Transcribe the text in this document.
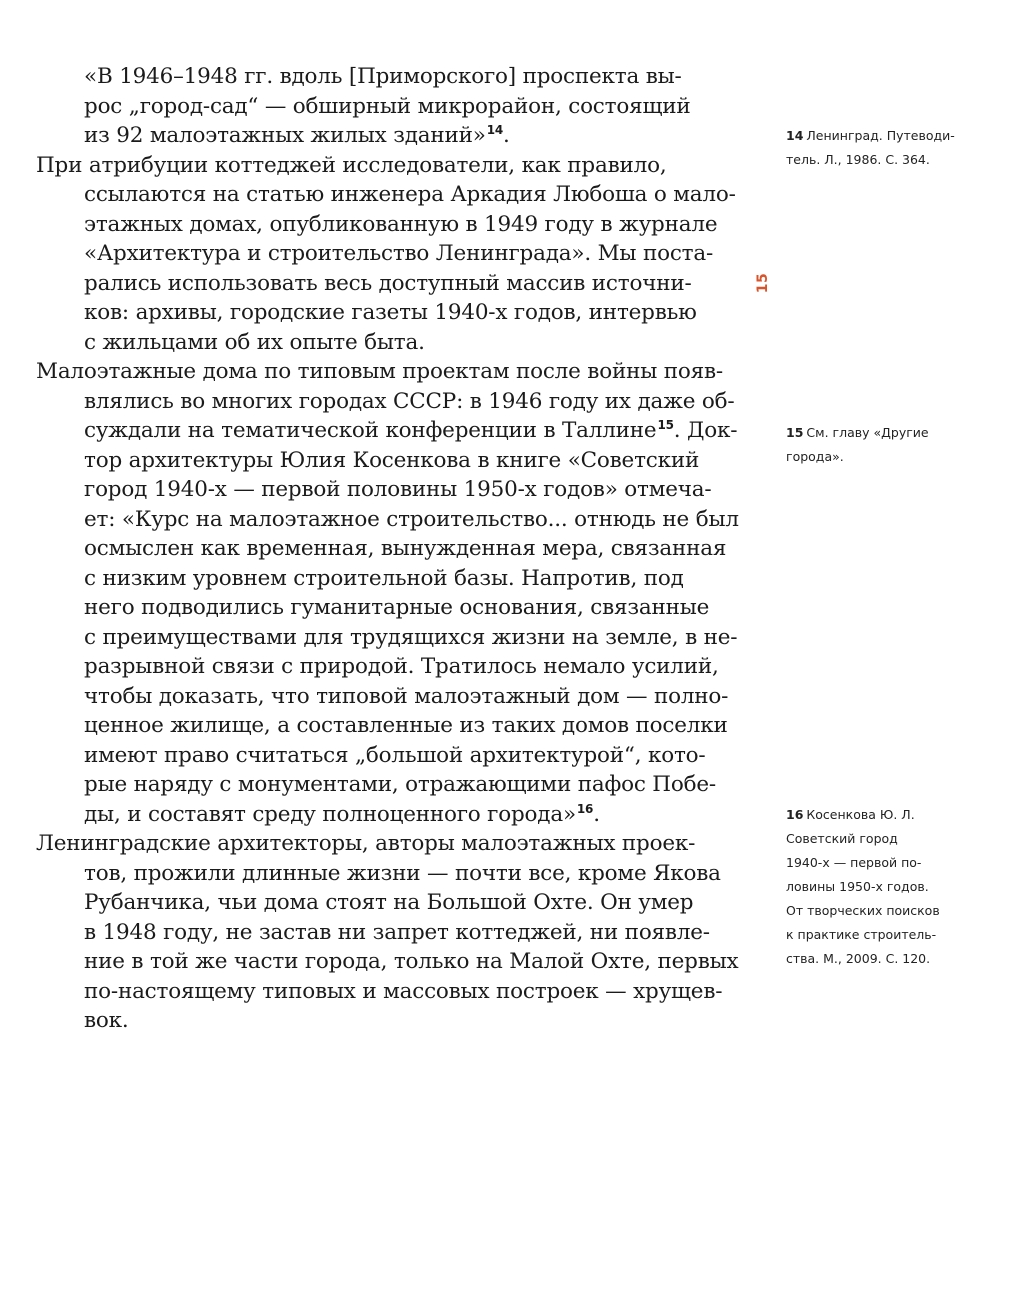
15
«В 1946–1948 гг. вдоль [Приморского] проспекта вы-
рос „город-сад“ — обширный микрорайон, состоящий
из 92 малоэтажных жилых зданий»$^{14}$.
При атрибуции коттеджей исследователи, как правило,
ссылаются на статью инженера Аркадия Любоша о мало-
этажных домах, опубликованную в 1949 году в журнале
«Архитектура и строительство Ленинграда». Мы поста-
рались использовать весь доступный массив источни-
ков: архивы, городские газеты 1940-х годов, интервью
с жильцами об их опыте быта.
Малоэтажные дома по типовым проектам после войны появ-
влялись во многих городах СССР: в 1946 году их даже об-
суждали на тематической конференции в Таллине$^{15}$. Док-
тор архитектуры Юлия Косенкова в книге «Советский
город 1940-х — первой половины 1950-х годов» отмеча-
ет: «Курс на малоэтажное строительство... отнюдь не был
осмыслен как временная, вынужденная мера, связанная
с низким уровнем строительной базы. Напротив, под
него подводились гуманитарные основания, связанные
с преимуществами для трудящихся жизни на земле, в не-
разрывной связи с природой. Тратилось немало усилий,
чтобы доказать, что типовой малоэтажный дом — полно-
ценное жилище, а составленные из таких домов поселки
имеют право считаться „большой архитектурой“, кото-
рые наряду с монументами, отражающими пафос Побе-
ды, и составят среду полноценного города»$^{16}$.
Ленинградские архитекторы, авторы малоэтажных проек-
тов, прожили длинные жизни — почти все, кроме Якова
Рубанчика, чьи дома стоят на Большой Охте. Он умер
в 1948 году, не застав ни запрет коттеджей, ни появле-
ние в той же части города, только на Малой Охте, первых
по-настоящему типовых и массовых построек — хрущев-
вок.
14 Ленинград. Путеводи-
тель. Л., 1986. С. 364.
15 См. главу «Другие
города».
16 Косенкова Ю. Л.
Советский город
1940-х — первой по-
ловины 1950-х годов.
От творческих поисков
к практике строитель-
ства. М., 2009. С. 120.
